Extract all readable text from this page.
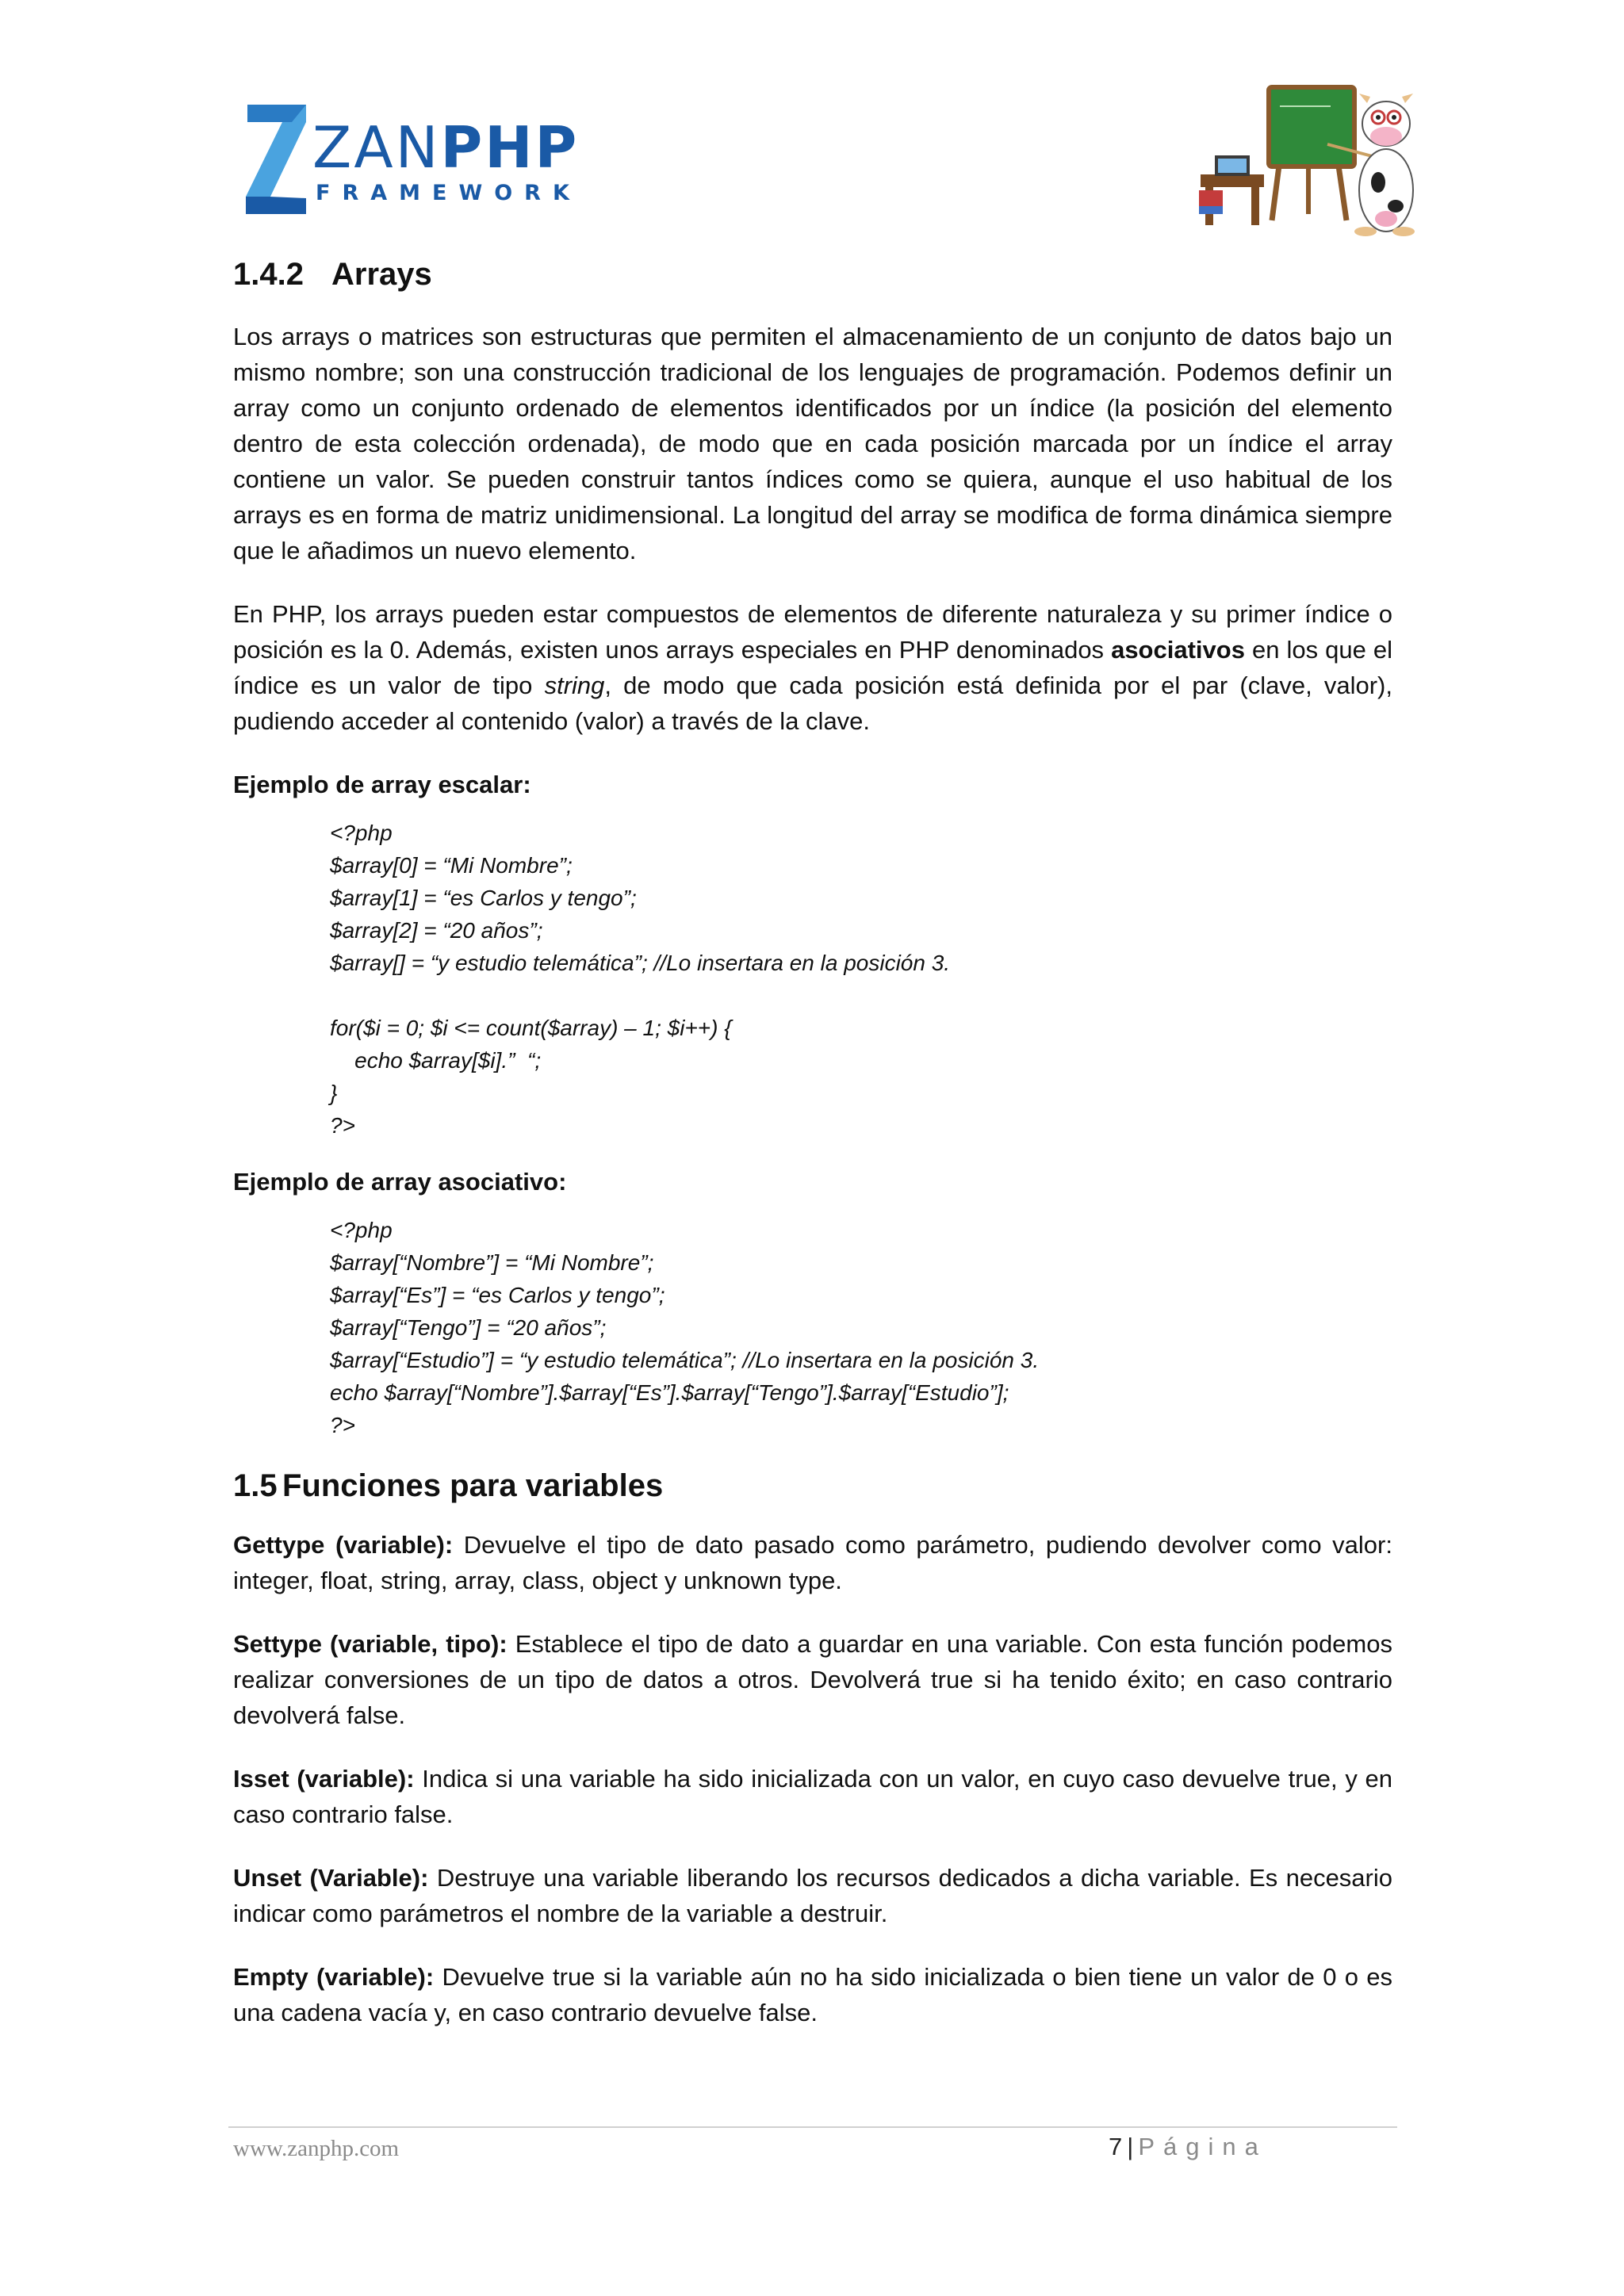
ZANPHP
FRAMEWORK
1.4.2 Arrays

Los arrays o matrices son estructuras que permiten el almacenamiento de un conjunto de datos bajo un mismo nombre; son una construcción tradicional de los lenguajes de programación. Podemos definir un array como un conjunto ordenado de elementos identificados por un índice (la posición del elemento dentro de esta colección ordenada), de modo que en cada posición marcada por un índice el array contiene un valor. Se pueden construir tantos índices como se quiera, aunque el uso habitual de los arrays es en forma de matriz unidimensional. La longitud del array se modifica de forma dinámica siempre que le añadimos un nuevo elemento.

En PHP, los arrays pueden estar compuestos de elementos de diferente naturaleza y su primer índice o posición es la 0. Además, existen unos arrays especiales en PHP denominados asociativos en los que el índice es un valor de tipo string, de modo que cada posición está definida por el par (clave, valor), pudiendo acceder al contenido (valor) a través de la clave.

Ejemplo de array escalar:

<?php
$array[0] = “Mi Nombre”;
$array[1] = “es Carlos y tengo”;
$array[2] = “20 años”;
$array[] = “y estudio telemática”; //Lo insertara en la posición 3.
for($i = 0; $i <= count($array) – 1; $i++) {
echo $array[$i].”  “;
}
?>

Ejemplo de array asociativo:

<?php
$array[“Nombre”] = “Mi Nombre”;
$array[“Es”] = “es Carlos y tengo”;
$array[“Tengo”] = “20 años”;
$array[“Estudio”] = “y estudio telemática”; //Lo insertara en la posición 3.
echo $array[“Nombre”].$array[“Es”].$array[“Tengo”].$array[“Estudio”];
?>
1.5 Funciones para variables

Gettype (variable): Devuelve el tipo de dato pasado como parámetro, pudiendo devolver como valor: integer, float, string, array, class, object y unknown type.

Settype (variable, tipo): Establece el tipo de dato a guardar en una variable. Con esta función podemos realizar conversiones de un tipo de datos a otros. Devolverá true si ha tenido éxito; en caso contrario devolverá false.

Isset (variable): Indica si una variable ha sido inicializada con un valor, en cuyo caso devuelve true, y en caso contrario false.

Unset (Variable): Destruye una variable liberando los recursos dedicados a dicha variable. Es necesario indicar como parámetros el nombre de la variable a destruir.

Empty (variable): Devuelve true si la variable aún no ha sido inicializada o bien tiene un valor de 0 o es una cadena vacía y, en caso contrario devuelve false.

www.zanphp.com	7 | Página
